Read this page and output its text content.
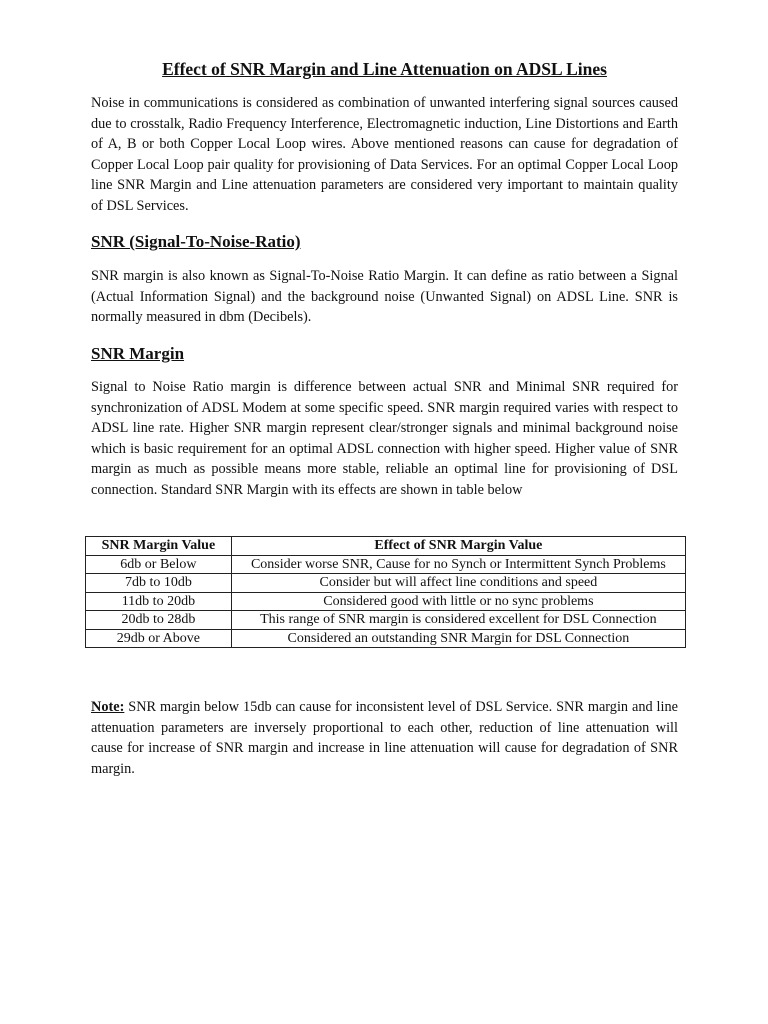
Effect of SNR Margin and Line Attenuation on ADSL Lines

Noise in communications is considered as combination of unwanted interfering signal sources caused due to crosstalk, Radio Frequency Interference, Electromagnetic induction, Line Distortions and Earth of A, B or both Copper Local Loop wires. Above mentioned reasons can cause for degradation of Copper Local Loop pair quality for provisioning of Data Services. For an optimal Copper Local Loop line SNR Margin and Line attenuation parameters are considered very important to maintain quality of DSL Services.

SNR (Signal-To-Noise-Ratio)

SNR margin is also known as Signal-To-Noise Ratio Margin. It can define as ratio between a Signal (Actual Information Signal) and the background noise (Unwanted Signal) on ADSL Line. SNR is normally measured in dbm (Decibels).

SNR Margin

Signal to Noise Ratio margin is difference between actual SNR and Minimal SNR required for synchronization of ADSL Modem at some specific speed. SNR margin required varies with respect to ADSL line rate. Higher SNR margin represent clear/stronger signals and minimal background noise which is basic requirement for an optimal ADSL connection with higher speed. Higher value of SNR margin as much as possible means more stable, reliable an optimal line for provisioning of DSL connection. Standard SNR Margin with its effects are shown in table below

SNR Margin Value	Effect of SNR Margin Value
6db or Below	Consider worse SNR, Cause for no Synch or Intermittent Synch Problems
7db to 10db	Consider but will affect line conditions and speed
11db to 20db	Considered good with little or no sync problems
20db to 28db	This range of SNR margin is considered excellent for DSL Connection
29db or Above	Considered an outstanding SNR Margin for DSL Connection

Note: SNR margin below 15db can cause for inconsistent level of DSL Service. SNR margin and line attenuation parameters are inversely proportional to each other, reduction of line attenuation will cause for increase of SNR margin and increase in line attenuation will cause for degradation of SNR margin.
